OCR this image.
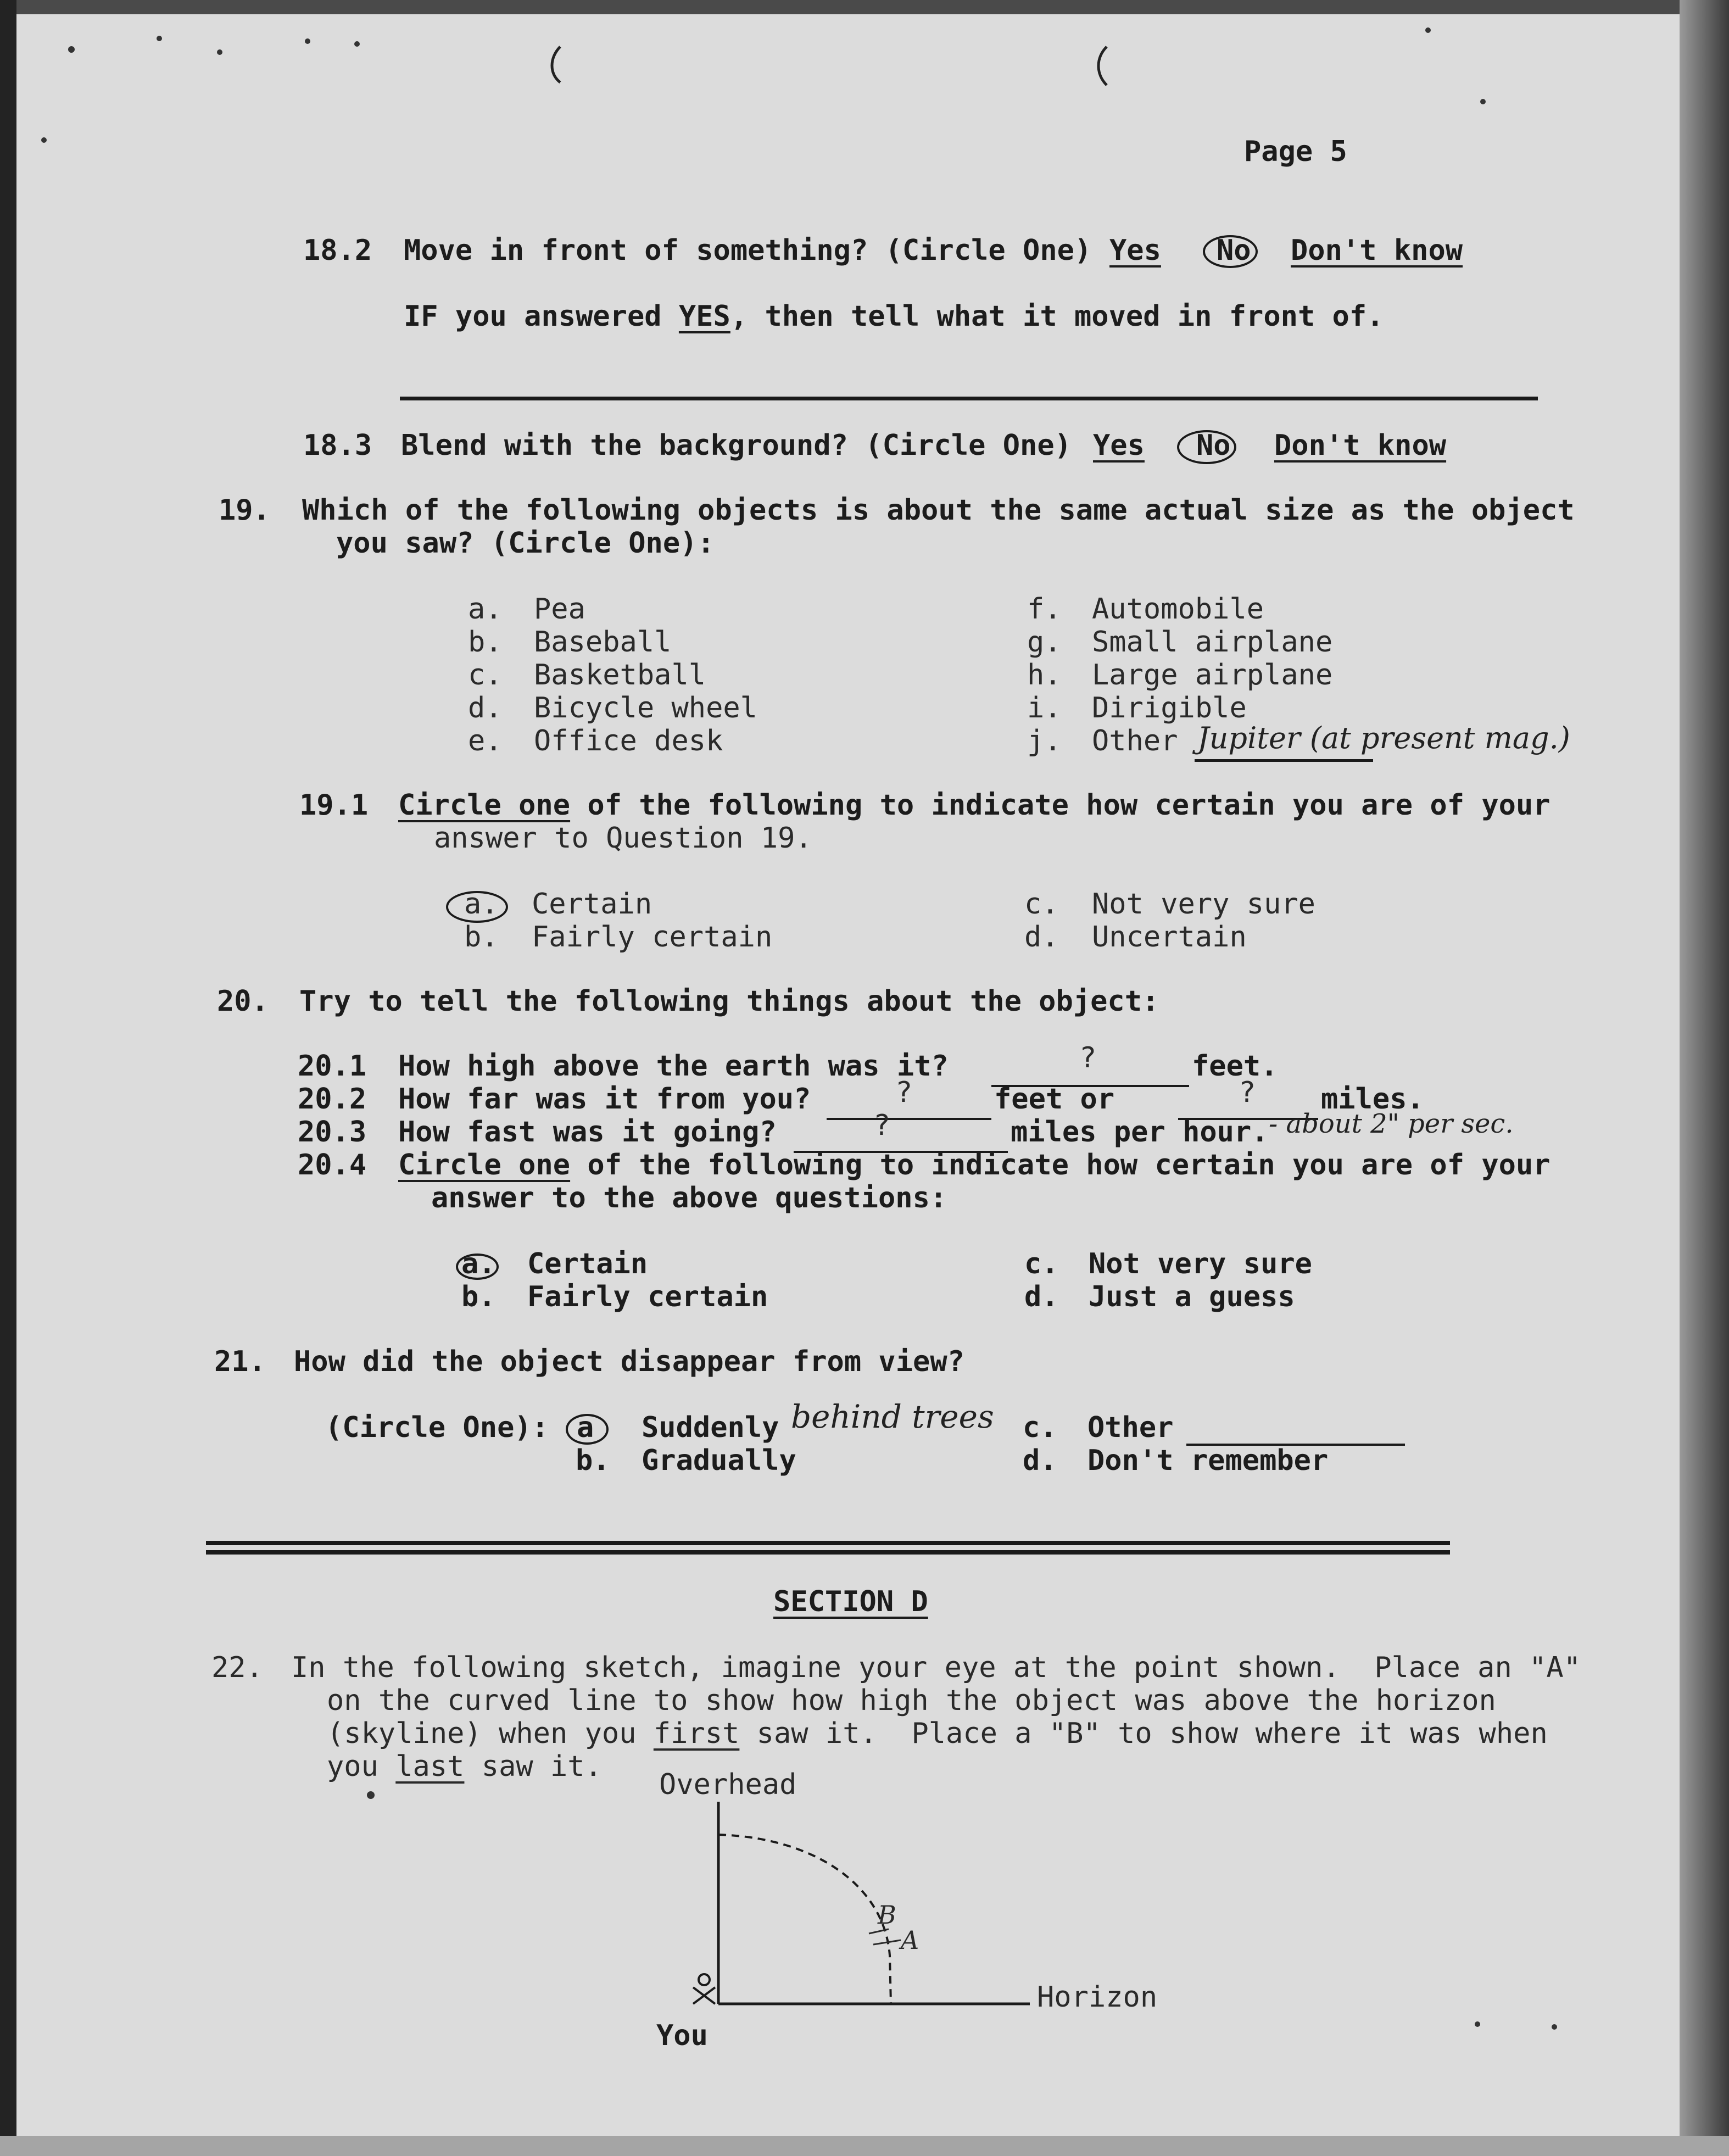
Page 5
18.2 Move in front of something? (Circle One) Yes No Don't know
IF you answered YES, then tell what it moved in front of.
18.3 Blend with the background? (Circle One) Yes No Don't know
19. Which of the following objects is about the same actual size as the object
you saw? (Circle One):
a. Pea
b. Baseball
c. Basketball
d. Bicycle wheel
e. Office desk
f. Automobile
g. Small airplane
h. Large airplane
i. Dirigible
j. Other Jupiter (at present mag.)
19.1 Circle one of the following to indicate how certain you are of your
answer to Question 19.
a. Certain
b. Fairly certain
c. Not very sure
d. Uncertain
20. Try to tell the following things about the object:
20.1 How high above the earth was it?	?	feet.
20.2 How far was it from you?	?	feet or	? miles.
20.3 How fast was it going?	?	miles per hour. - about 2" per sec.
20.4 Circle one of the following to indicate how certain you are of your
answer to the above questions:
a. Certain
b. Fairly certain
c. Not very sure
d. Just a guess
21. How did the object disappear from view?
(Circle One): a Suddenly behind trees
b. Gradually
c. Other
d. Don't remember
SECTION D
22. In the following sketch, imagine your eye at the point shown.  Place an "A"
on the curved line to show how high the object was above the horizon
(skyline) when you first saw it.  Place a "B" to show where it was when
you last saw it.
Overhead
Horizon
You
B
A
